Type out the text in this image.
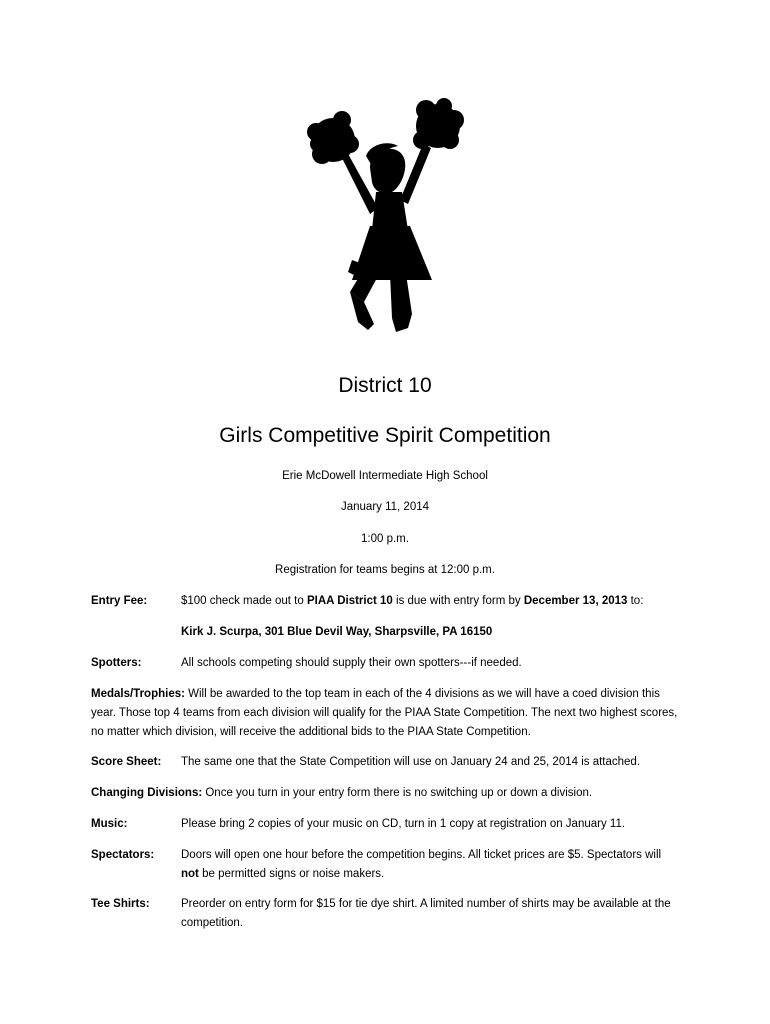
District 10
Girls Competitive Spirit Competition
Erie McDowell Intermediate High School
January 11, 2014
1:00 p.m.
Registration for teams begins at 12:00 p.m.
Entry Fee:	$100 check made out to PIAA District 10 is due with entry form by December 13, 2013 to:
Kirk J. Scurpa, 301 Blue Devil Way, Sharpsville, PA 16150
Spotters:	All schools competing should supply their own spotters---if needed.
Medals/Trophies: Will be awarded to the top team in each of the 4 divisions as we will have a coed division this year. Those top 4 teams from each division will qualify for the PIAA State Competition. The next two highest scores, no matter which division, will receive the additional bids to the PIAA State Competition.
Score Sheet: The same one that the State Competition will use on January 24 and 25, 2014 is attached.
Changing Divisions: Once you turn in your entry form there is no switching up or down a division.
Music:	Please bring 2 copies of your music on CD, turn in 1 copy at registration on January 11.
Spectators: Doors will open one hour before the competition begins. All ticket prices are $5. Spectators will not be permitted signs or noise makers.
Tee Shirts:	Preorder on entry form for $15 for tie dye shirt. A limited number of shirts may be available at the competition.
